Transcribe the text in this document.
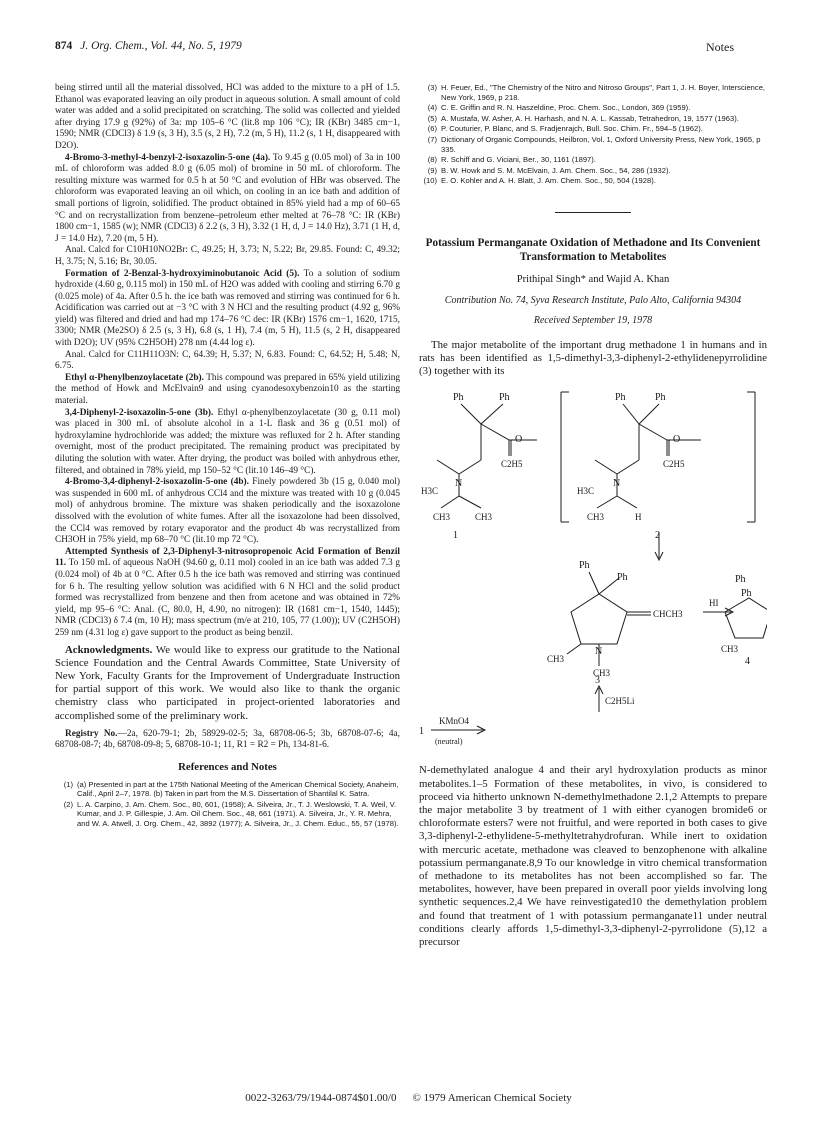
874 J. Org. Chem., Vol. 44, No. 5, 1979	Notes

being stirred until all the material dissolved, HCl was added to the mixture to a pH of 1.5. Ethanol was evaporated leaving an oily product in aqueous solution. A small amount of cold water was added and a solid precipitated on scratching. The solid was collected and yielded after drying 17.9 g (92%) of 3a: mp 105–6 °C (lit.8 mp 106 °C); IR (KBr) 3485 cm−1, 1590; NMR (CDCl3) δ 1.9 (s, 3 H), 3.5 (s, 2 H), 7.2 (m, 5 H), 11.2 (s, 1 H, disappeared with D2O).

4-Bromo-3-methyl-4-benzyl-2-isoxazolin-5-one (4a). To 9.45 g (0.05 mol) of 3a in 100 mL of chloroform was added 8.0 g (6.05 mol) of bromine in 50 mL of chloroform. The resulting mixture was warmed for 0.5 h at 50 °C and evolution of HBr was observed. The chloroform was evaporated leaving an oil which, on cooling in an ice bath and addition of small portions of ligroin, solidified. The product obtained in 85% yield had a mp of 60–65 °C and on recrystallization from benzene–petroleum ether melted at 76–78 °C: IR (KBr) 1800 cm−1, 1585 (w); NMR (CDCl3) δ 2.2 (s, 3 H), 3.32 (1 H, d, J = 14.0 Hz), 3.71 (1 H, d, J = 14.0 Hz), 7.20 (m, 5 H).

Anal. Calcd for C10H10NO2Br: C, 49.25; H, 3.73; N, 5.22; Br, 29.85. Found: C, 49.32; H, 3.75; N, 5.16; Br, 30.05.

Formation of 2-Benzal-3-hydroxyiminobutanoic Acid (5). To a solution of sodium hydroxide (4.60 g, 0.115 mol) in 150 mL of H2O was added with cooling and stirring 6.70 g (0.025 mole) of 4a. After 0.5 h. the ice bath was removed and stirring was continued for 6 h. Acidification was carried out at −3 °C with 3 N HCl and the resulting product (4.92 g, 96% yield) was filtered and dried and had mp 174–76 °C dec: IR (KBr) 1576 cm−1, 1620, 1715, 3300; NMR (Me2SO) δ 2.5 (s, 3 H), 6.8 (s, 1 H), 7.4 (m, 5 H), 11.5 (s, 2 H, disappeared with D2O); UV (95% C2H5OH) 278 nm (4.44 log ε).

Anal. Calcd for C11H11O3N: C, 64.39; H, 5.37; N, 6.83. Found: C, 64.52; H, 5.48; N, 6.75.

Ethyl α-Phenylbenzoylacetate (2b). This compound was prepared in 65% yield utilizing the method of Howk and McElvain9 and using cyanodesoxybenzoin10 as the starting material.

3,4-Diphenyl-2-isoxazolin-5-one (3b). Ethyl α-phenylbenzoylacetate (30 g, 0.11 mol) was placed in 300 mL of absolute alcohol in a 1-L flask and 36 g (0.51 mol) of hydroxylamine hydrochloride was added; the mixture was refluxed for 2 h. After standing overnight, most of the product precipitated. The remaining product was precipitated by diluting the solution with water. After drying, the product was boiled with anhydrous ether, filtered, and obtained in 78% yield, mp 150–52 °C (lit.10 146–49 °C).

4-Bromo-3,4-diphenyl-2-isoxazolin-5-one (4b). Finely powdered 3b (15 g, 0.040 mol) was suspended in 600 mL of anhydrous CCl4 and the mixture was treated with 10 g (0.045 mol) of anhydrous bromine. The mixture was shaken periodically and the isoxazolone dissolved with the evolution of white fumes. After all the isoxazolone had been dissolved, the CCl4 was removed by rotary evaporator and the product 4b was recrystallized from CH3OH in 75% yield, mp 68–70 °C (lit.10 mp 72 °C).

Attempted Synthesis of 2,3-Diphenyl-3-nitrosopropenoic Acid Formation of Benzil 11. To 150 mL of aqueous NaOH (94.60 g, 0.11 mol) cooled in an ice bath was added 7.3 g (0.024 mol) of 4b at 0 °C. After 0.5 h the ice bath was removed and stirring was continued for 6 h. The resulting yellow solution was acidified with 6 N HCl and the solid product formed was recrystallized from benzene and then from acetone and was obtained in 72% yield, mp 95–6 °C: Anal. (C, 80.0, H, 4.90, no nitrogen): IR (1681 cm−1, 1540, 1445); NMR (CDCl3) δ 7.4 (m, 10 H); mass spectrum (m/e at 210, 105, 77 (1.00)); UV (C2H5OH) 259 nm (4.31 log ε) gave support to the product as being benzil.

Acknowledgments. We would like to express our gratitude to the National Science Foundation and the Central Awards Committee, State University of New York, Faculty Grants for the Improvement of Undergraduate Instruction for partial support of this work. We would also like to thank the organic chemistry class who participated in project-oriented laboratories and accomplished some of the preliminary work.

Registry No.—2a, 620-79-1; 2b, 58929-02-5; 3a, 68708-06-5; 3b, 68708-07-6; 4a, 68708-08-7; 4b, 68708-09-8; 5, 68708-10-1; 11, R1 = R2 = Ph, 134-81-6.

References and Notes
(1) (a) Presented in part at the 175th National Meeting of the American Chemical Society, Anaheim, Calif., April 2–7, 1978. (b) Taken in part from the M.S. Dissertation of Shantilal K. Satra.
(2) L. A. Carpino, J. Am. Chem. Soc., 80, 601, (1958); A. Silveira, Jr., T. J. Weslowski, T. A. Weil, V. Kumar, and J. P. Gillespie, J. Am. Oil Chem. Soc., 48, 661 (1971). A. Silveira, Jr., Y. R. Mehra, and W. A. Atwell, J. Org. Chem., 42, 3892 (1977); A. Silveira, Jr., J. Chem. Educ., 55, 57 (1978).
(3) H. Feuer, Ed., "The Chemistry of the Nitro and Nitroso Groups", Part 1, J. H. Boyer, Interscience, New York, 1969, p 218.
(4) C. E. Griffin and R. N. Haszeldine, Proc. Chem. Soc., London, 369 (1959).
(5) A. Mustafa, W. Asher, A. H. Harhash, and N. A. L. Kassab, Tetrahedron, 19, 1577 (1963).
(6) P. Couturier, P. Blanc, and S. Fradjenrajch, Bull. Soc. Chim. Fr., 594–5 (1962).
(7) Dictionary of Organic Compounds, Heilbron, Vol. 1, Oxford University Press, New York, 1965, p 335.
(8) R. Schiff and G. Viciani, Ber., 30, 1161 (1897).
(9) B. W. Howk and S. M. McElvain, J. Am. Chem. Soc., 54, 286 (1932).
(10) E. O. Kohler and A. H. Blatt, J. Am. Chem. Soc., 50, 504 (1928).
Potassium Permanganate Oxidation of Methadone and Its Convenient Transformation to Metabolites
Prithipal Singh* and Wajid A. Khan
Contribution No. 74, Syva Research Institute, Palo Alto, California 94304
Received September 19, 1978

The major metabolite of the important drug methadone 1 in humans and in rats has been identified as 1,5-dimethyl-3,3-diphenyl-2-ethylidenepyrrolidine (3) together with its

Ph	Ph
O
C2H5
N
H3C
CH3	CH3
1
Ph	Ph
O
C2H5
N
H3C
CH3	H
2
Ph
Ph
CHCH3
N
CH3
CH3
3
HI
Ph
Ph
CH3
4
C2H5Li
1
KMnO4
(neutral)

N-demethylated analogue 4 and their aryl hydroxylation products as minor metabolites.1–5 Formation of these metabolites, in vivo, is considered to proceed via hitherto unknown N-demethylmethadone 2.1,2 Attempts to prepare the major metabolite 3 by treatment of 1 with either cyanogen bromide6 or chloroformate esters7 were not fruitful, and were reported in both cases to give 3,3-diphenyl-2-ethylidene-5-methyltetrahydrofuran. While inert to oxidation with mercuric acetate, methadone was cleaved to benzophenone with alkaline potassium permanganate.8,9 To our knowledge in vitro chemical transformation of methadone to its metabolites has not been accomplished so far. The metabolites, however, have been prepared in overall poor yields involving long synthetic sequences.2,4 We have reinvestigated10 the demethylation problem and found that treatment of 1 with potassium permanganate11 under neutral conditions clearly affords 1,5-dimethyl-3,3-diphenyl-2-pyrrolidone (5),12 a precursor

0022-3263/79/1944-0874$01.00/0 © 1979 American Chemical Society
